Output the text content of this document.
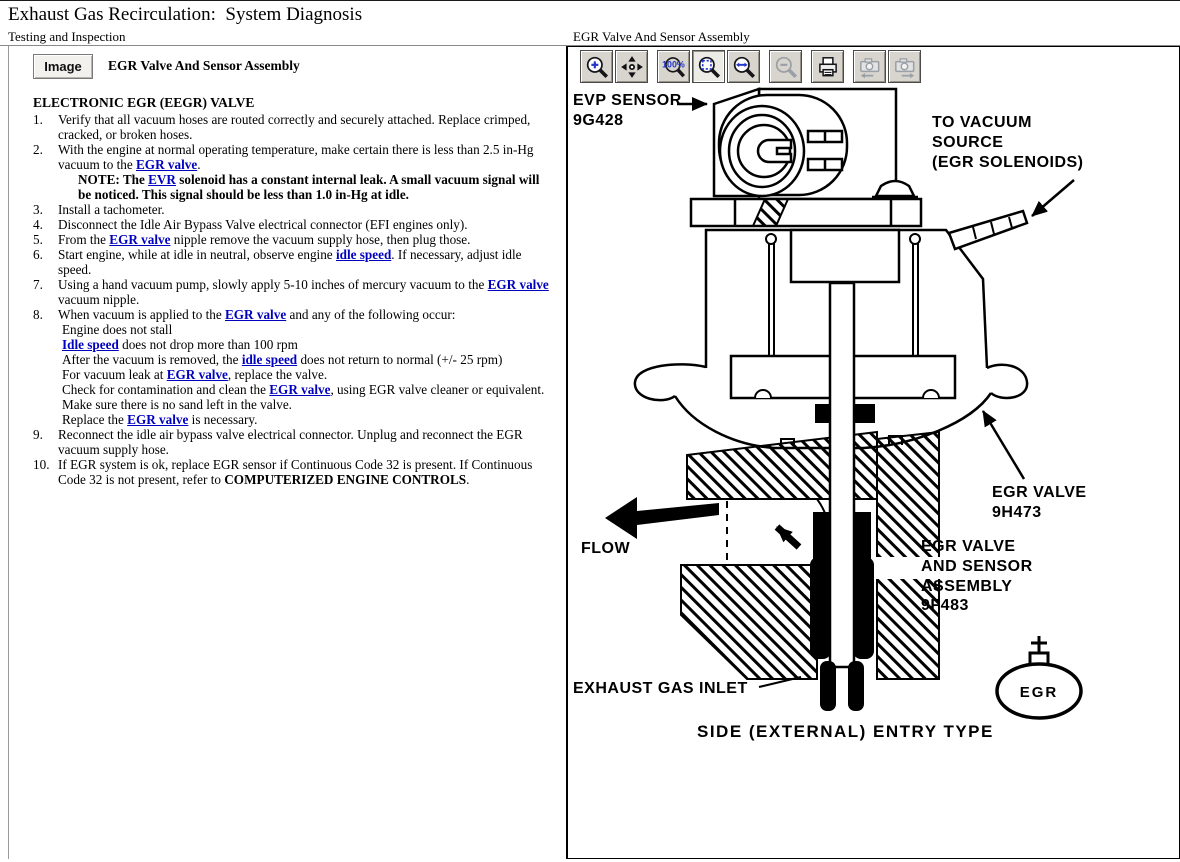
Exhaust Gas Recirculation:  System Diagnosis
Testing and Inspection	EGR Valve And Sensor Assembly
Image	EGR Valve And Sensor Assembly
ELECTRONIC EGR (EEGR) VALVE
1.	Verify that all vacuum hoses are routed correctly and securely attached. Replace crimped, cracked, or broken hoses.
2.	With the engine at normal operating temperature, make certain there is less than 2.5 in-Hg vacuum to the EGR valve.
NOTE: The EVR solenoid has a constant internal leak. A small vacuum signal will be noticed. This signal should be less than 1.0 in-Hg at idle.
3.	Install a tachometer.
4.	Disconnect the Idle Air Bypass Valve electrical connector (EFI engines only).
5.	From the EGR valve nipple remove the vacuum supply hose, then plug those.
6.	Start engine, while at idle in neutral, observe engine idle speed. If necessary, adjust idle speed.
7.	Using a hand vacuum pump, slowly apply 5-10 inches of mercury vacuum to the EGR valve vacuum nipple.
8.	When vacuum is applied to the EGR valve and any of the following occur:
Engine does not stall
Idle speed does not drop more than 100 rpm
After the vacuum is removed, the idle speed does not return to normal (+/- 25 rpm)
For vacuum leak at EGR valve, replace the valve.
Check for contamination and clean the EGR valve, using EGR valve cleaner or equivalent.
Make sure there is no sand left in the valve.
Replace the EGR valve is necessary.
9.	Reconnect the idle air bypass valve electrical connector. Unplug and reconnect the EGR vacuum supply hose.
10. If EGR system is ok, replace EGR sensor if Continuous Code 32 is present. If Continuous Code 32 is not present, refer to COMPUTERIZED ENGINE CONTROLS.
100%
EVP SENSOR
9G428	TO VACUUM
SOURCE
(EGR SOLENOIDS)
EGR VALVE
9H473
EGR VALVE
AND SENSOR
ASSEMBLY
9F483
FLOW
EXHAUST GAS INLET
SIDE (EXTERNAL) ENTRY TYPE
EGR
